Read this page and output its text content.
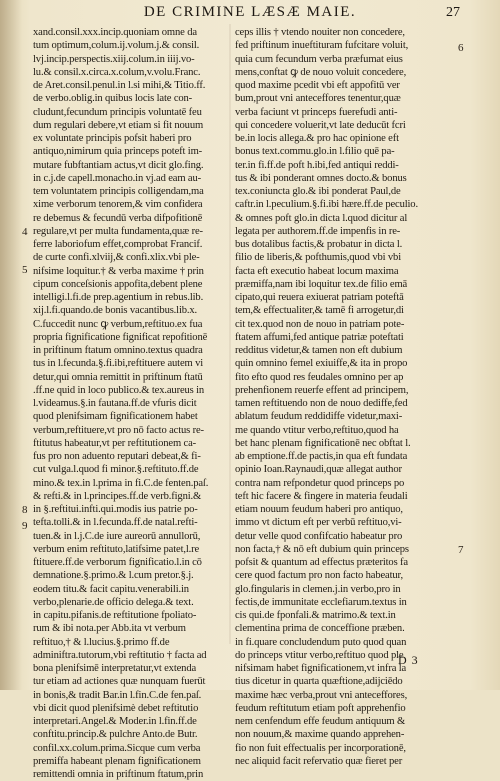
DE CRIMINE LÆSÆ MAIE.	27
xand.consil.xxx.incip.quoniam omne da
tum optimum,colum.ij.volum.j.& consil.
lvj.incip.perspectis.xiij.colum.in iiij.vo-
lu.& consil.x.circa.x.colum,v.volu.Franc.
de Aret.consil.penul.in l.si mihi,& Titio.ff.
de verbo.oblig.in quibus locis late con-
cludunt,fecundum principis voluntatē feu
dum regulari debere,vt etiam si fit nouum
ex voluntate principis pofsit haberi pro
antiquo,nimirum quia princeps poteft im-
mutare fubftantiam actus,vt dicit glo.fing.
in c.j.de capell.monacho.in vj.ad eam au-
tem voluntatem principis colligendam,ma
xime verborum tenorem,& vim confidera
re debemus & fecundū verba difpofitionē
regulare,vt per multa fundamenta,quæ re-
ferre laboriofum effet,comprobat Francif.
de curte confi.xlviij,& confi.xlix.vbi ple-
nifsime loquitur.† & verba maxime † prin
cipum conceſsionis appofita,debent plene
intelligi.l.fi.de prep.agentium in rebus.lib.
xij.l.fi.quando.de bonis vacantibus.lib.x.
C.fuccedit nunc ꝙ verbum,reftituo.ex fua
propria fignificatione fignificat repofitionē
in priftinum ftatum omnino.textus quadra
tus in l.fecunda.§.fi.ibi,reftituere autem vi
detur,qui omnia remittit in priftinum ftatū
.ff.ne quid in loco publico.& tex.aureus in
l.videamus.§.in fautana.ff.de vfuris dicit
quod plenifsimam fignificationem habet
verbum,reftituere,vt pro nō facto actus re-
ftitutus habeatur,vt per reftitutionem ca-
fus pro non aduento reputari debeat,& fi-
cut vulga.l.quod fi minor.§.reftituto.ff.de
mino.& tex.in l.prima in fi.C.de fenten.paſ.
& refti.& in l.principes.ff.de verb.figni.&
in §.reftitui.infti.qui.modis ius patrie po-
tefta.tolli.& in l.fecunda.ff.de natal.refti-
tuen.& in l.j.C.de iure aureorū annullorū,
verbum enim reftituto,latifsime patet,l.re
ftituere.ff.de verborum fignificatio.l.in cō
demnatione.§.primo.& l.cum pretor.§.j.
eodem titu.& facit capitu.venerabili.in
verbo,plenarie.de officio delega.& text.
in capitu.pifanis.de reftitutione fpoliato-
rum & ibi nota.per Abb.ita vt verbum
reftituo,† & l.lucius.§.primo ff.de
adminiftra.tutorum,vbi reftitutio † facta ad
bona plenifsimē interpretatur,vt extenda
tur etiam ad actiones quæ nunquam fuerūt
in bonis,& tradit Bar.in l.fin.C.de fen.paſ.
vbi dicit quod plenifsimè debet reftitutio
interpretari.Angel.& Moder.in l.fin.ff.de
conftitu.princip.& pulchre Anto.de Butr.
confil.xx.colum.prima.Sicque cum verba
premiffa habeant plenam fignificationem
remittendi omnia in priftinum ftatum,prin
ceps illis † vtendo nouiter non concedere,
fed priftinum inueftituram fufcitare voluit,
quia cum fecundum verba præfumat eius
mens,conftat ꝙ de nouo voluit concedere,
quod maxime pcedit vbi eft appofitū ver
bum,prout vni anteceffores tenentur,quæ
verba faciunt vt princeps fuerefudi anti-
qui concedere voluerit,vt late deducūt fcri
be.in locis allega.& pro hac opinione eft
bonus text.commu.glo.in l.filio quē pa-
ter.in fi.ff.de poft h.ibi,fed antiqui reddi-
tus & ibi ponderant omnes docto.& bonus
tex.coniuncta glo.& ibi ponderat Paul,de
caftr.in l.peculium.§.fi.ibi hære.ff.de peculio.
& omnes poft glo.in dicta l.quod dicitur al
legata per authorem.ff.de impenfis in re-
bus dotalibus factis,& probatur in dicta l.
filio de liberis,& pofthumis,quod vbi vbi
facta eft executio habeat locum maxima
præmiffa,nam ibi loquitur tex.de filio emā
cipato,qui reuera exiuerat patriam poteftā
tem,& effectualiter,& tamē fi arrogetur,di
cit tex.quod non de nouo in patriam pote-
ftatem affumi,fed antique patriæ poteftati
redditus videtur,& tamen non eft dubium
quin omnino femel exiuiffe,& ita in propo
fito efto quod res feudales omnino per ap
prehenfionem reuerfe effent ad principem,
tamen reftituendo non de nouo dediffe,fed
ablatum feudum reddidiffe videtur,maxi-
me quando vtitur verbo,reftituo,quod ha
bet hanc plenam fignificationē nec obftat l.
ab emptione.ff.de pactis,in qua eft fundata
opinio Ioan.Raynaudi,quæ allegat author
contra nam refpondetur quod princeps po
teft hic facere & fingere in materia feudali
etiam nouum feudum haberi pro antiquo,
immo vt dictum eft per verbū reftituo,vi-
detur velle quod confifcatio habeatur pro
non facta,† & nō eft dubium quin princeps
pofsit & quantum ad effectus præteritos fa
cere quod factum pro non facto habeatur,
glo.fingularis in clemen.j.in verbo,pro in
fectis,de immunitate ecclefiarum.textus in
cis qui.de fponfali.& matrimo.& text.in
clementina prima de conceffione præben.
in fi.quare concludendum puto quod quan
do princeps vtitur verbo,reftituo quod ple
nifsimam habet fignificationem,vt infra la
tius dicetur in quarta quæftione,adijciēdo
maxime hæc verba,prout vni anteceffores,
feudum reftitutum etiam poft apprehenfio
nem cenfendum effe feudum antiquum &
non nouum,& maxime quando apprehen-
fio non fuit effectualis per incorporationē,
nec aliquid facit refervatio quæ fieret per
4
5
8
9
6
7
D 3
